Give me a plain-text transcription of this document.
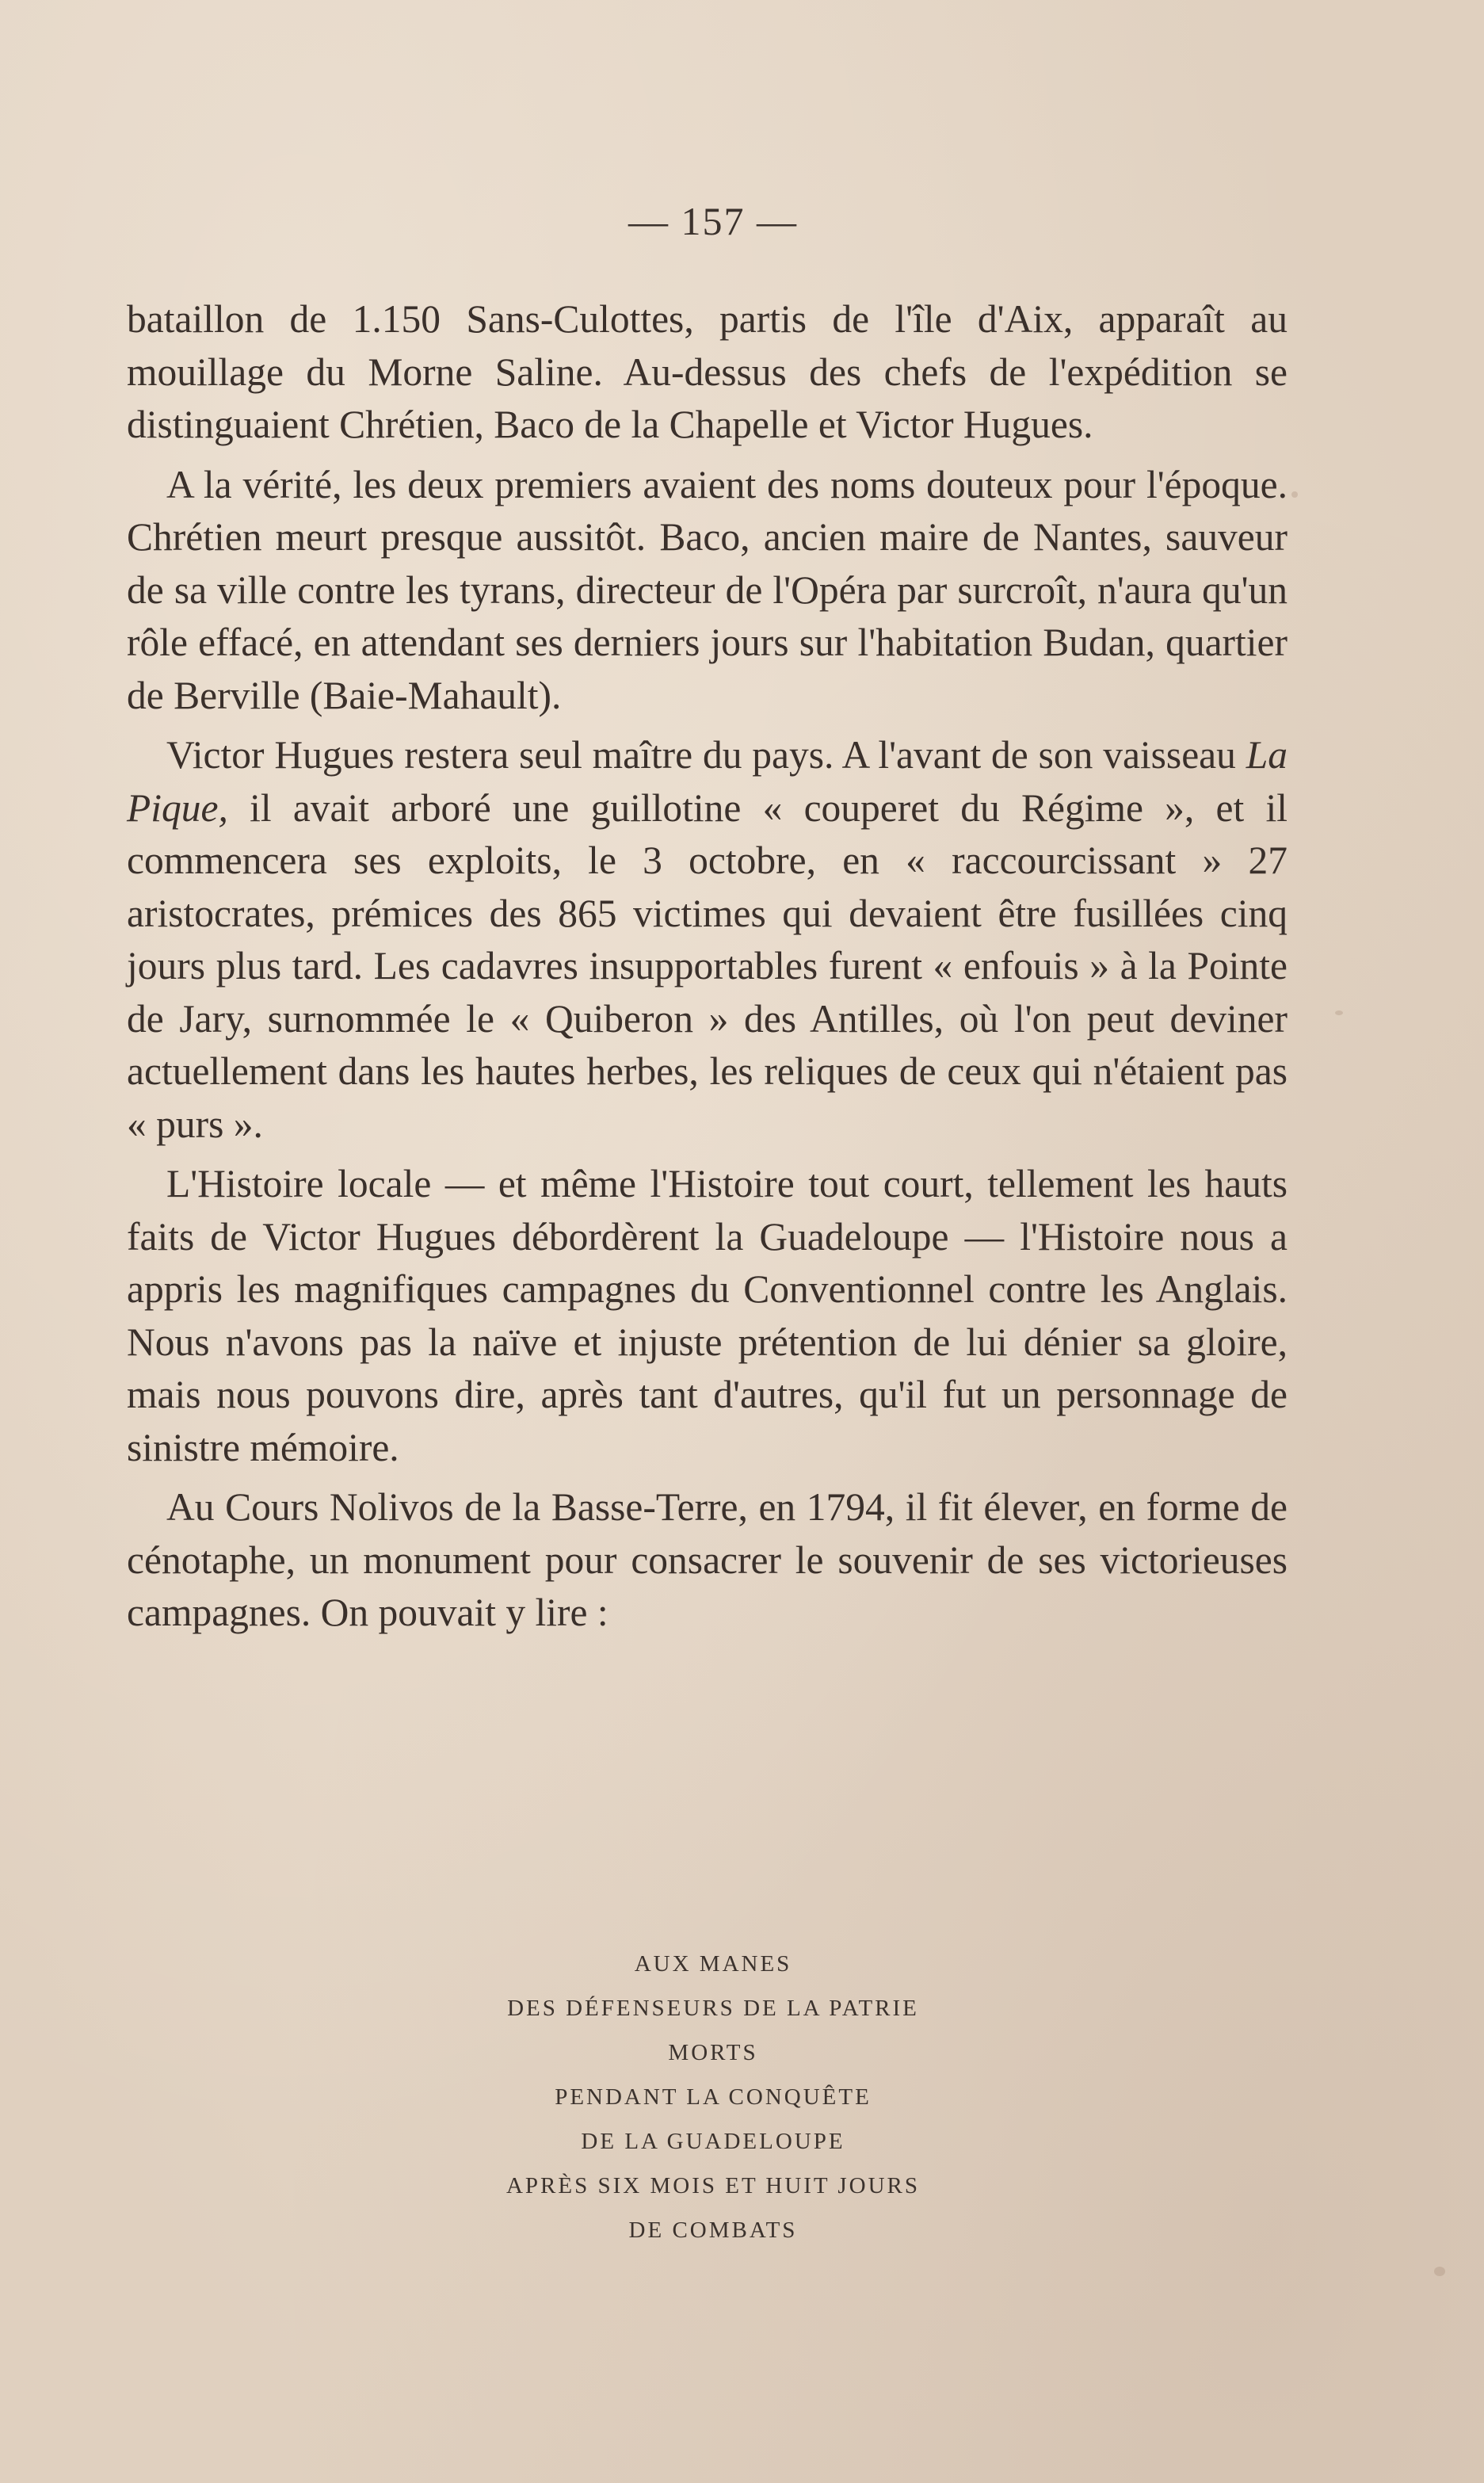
— 157 —

bataillon de 1.150 Sans-Culottes, partis de l'île d'Aix, apparaît au mouillage du Morne Saline. Au-dessus des chefs de l'expédition se distinguaient Chrétien, Baco de la Chapelle et Victor Hugues.

A la vérité, les deux premiers avaient des noms douteux pour l'époque. Chrétien meurt presque aussitôt. Baco, ancien maire de Nantes, sauveur de sa ville contre les tyrans, directeur de l'Opéra par surcroît, n'aura qu'un rôle effacé, en attendant ses derniers jours sur l'habitation Budan, quartier de Berville (Baie-Mahault).

Victor Hugues restera seul maître du pays. A l'avant de son vaisseau La Pique, il avait arboré une guillotine « couperet du Régime », et il commencera ses exploits, le 3 octobre, en « raccourcissant » 27 aristocrates, prémices des 865 victimes qui devaient être fusillées cinq jours plus tard. Les cadavres insupportables furent « enfouis » à la Pointe de Jary, surnommée le « Quiberon » des Antilles, où l'on peut deviner actuellement dans les hautes herbes, les reliques de ceux qui n'étaient pas « purs ».

L'Histoire locale — et même l'Histoire tout court, tellement les hauts faits de Victor Hugues débordèrent la Guadeloupe — l'Histoire nous a appris les magnifiques campagnes du Conventionnel contre les Anglais. Nous n'avons pas la naïve et injuste prétention de lui dénier sa gloire, mais nous pouvons dire, après tant d'autres, qu'il fut un personnage de sinistre mémoire.

Au Cours Nolivos de la Basse-Terre, en 1794, il fit élever, en forme de cénotaphe, un monument pour consacrer le souvenir de ses victorieuses campagnes. On pouvait y lire :

AUX MANES
DES DÉFENSEURS DE LA PATRIE
MORTS
PENDANT LA CONQUÊTE
DE LA GUADELOUPE
APRÈS SIX MOIS ET HUIT JOURS
DE COMBATS
